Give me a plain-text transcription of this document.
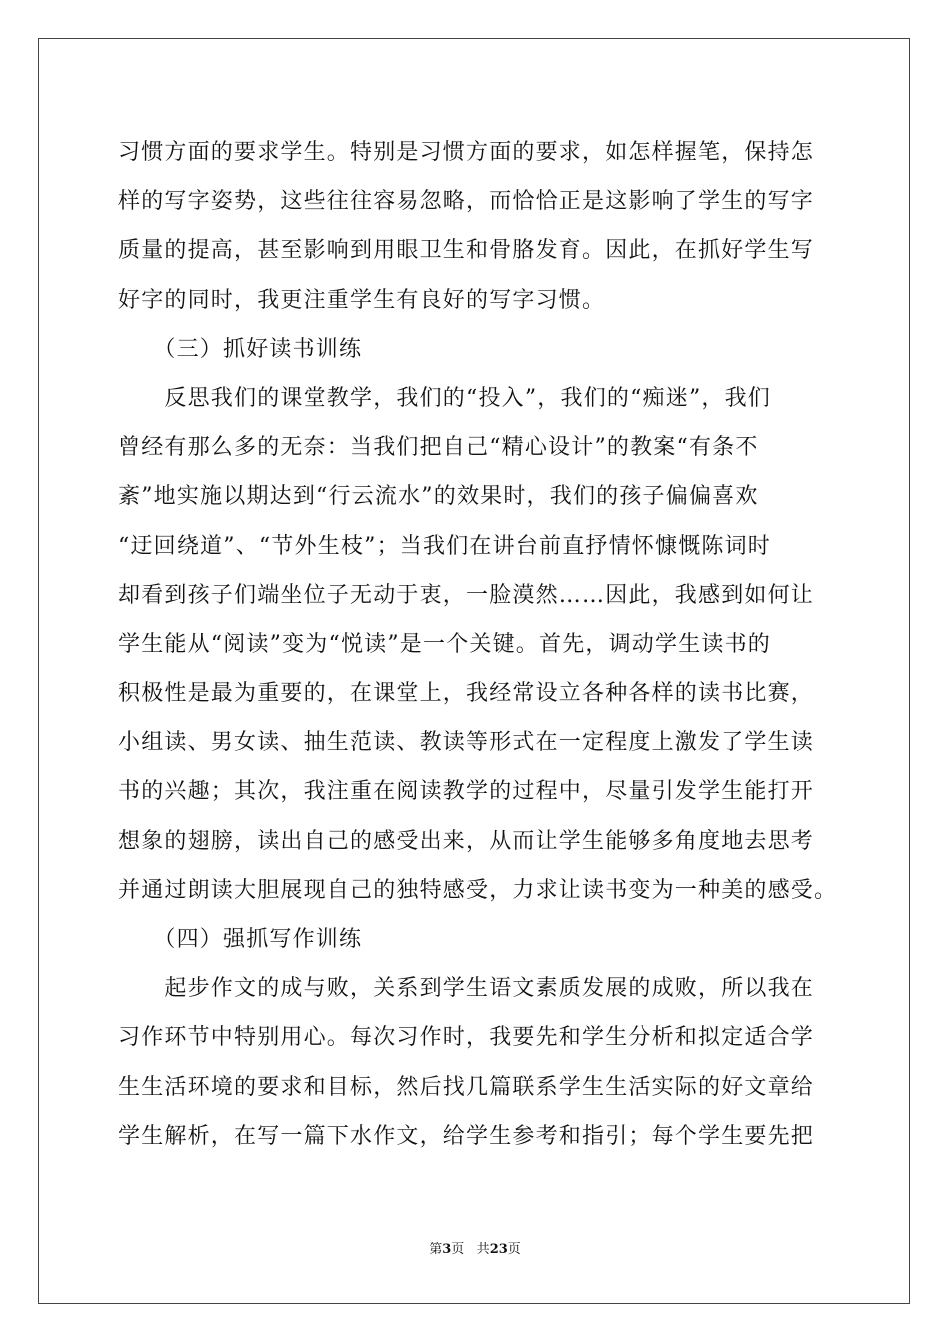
习惯方面的要求学生。特别是习惯方面的要求，如怎样握笔，保持怎
样的写字姿势，这些往往容易忽略，而恰恰正是这影响了学生的写字
质量的提高，甚至影响到用眼卫生和骨胳发育。因此，在抓好学生写
好字的同时，我更注重学生有良好的写字习惯。
　　（三）抓好读书训练
　　反思我们的课堂教学，我们的“投入”，我们的“痴迷”，我们
曾经有那么多的无奈：当我们把自己“精心设计”的教案“有条不
紊”地实施以期达到“行云流水”的效果时，我们的孩子偏偏喜欢
“迂回绕道”、“节外生枝”；当我们在讲台前直抒情怀慷慨陈词时
却看到孩子们端坐位子无动于衷，一脸漠然……因此，我感到如何让
学生能从“阅读”变为“悦读”是一个关键。首先，调动学生读书的
积极性是最为重要的，在课堂上，我经常设立各种各样的读书比赛，
小组读、男女读、抽生范读、教读等形式在一定程度上激发了学生读
书的兴趣；其次，我注重在阅读教学的过程中，尽量引发学生能打开
想象的翅膀，读出自己的感受出来，从而让学生能够多角度地去思考
并通过朗读大胆展现自己的独特感受，力求让读书变为一种美的感受。
　　（四）强抓写作训练
　　起步作文的成与败，关系到学生语文素质发展的成败，所以我在
习作环节中特别用心。每次习作时，我要先和学生分析和拟定适合学
生生活环境的要求和目标，然后找几篇联系学生生活实际的好文章给
学生解析，在写一篇下水作文，给学生参考和指引；每个学生要先把
第3页 共23页
